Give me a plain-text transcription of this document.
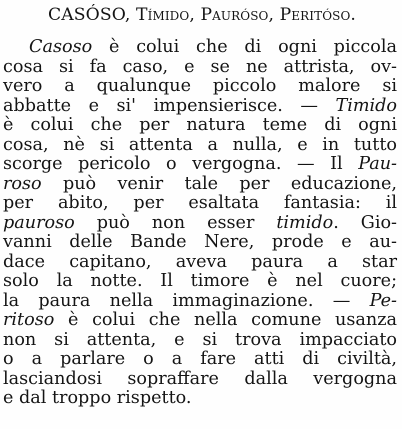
CASÓSO, Tímido, Pauróso, Peritóso.
Casoso è colui che di ogni piccola
cosa si fa caso, e se ne attrista, ov-
vero a qualunque piccolo malore si
abbatte e si' impensierisce. — Timido
è colui che per natura teme di ogni
cosa, nè si attenta a nulla, e in tutto
scorge pericolo o vergogna. — Il Pau-
roso può venir tale per educazione,
per abito, per esaltata fantasia: il
pauroso può non esser timido. Gio-
vanni delle Bande Nere, prode e au-
dace capitano, aveva paura a star
solo la notte. Il timore è nel cuore;
la paura nella immaginazione. — Pe-
ritoso è colui che nella comune usanza
non si attenta, e si trova impacciato
o a parlare o a fare atti di civiltà,
lasciandosi sopraffare dalla vergogna
e dal troppo rispetto.
